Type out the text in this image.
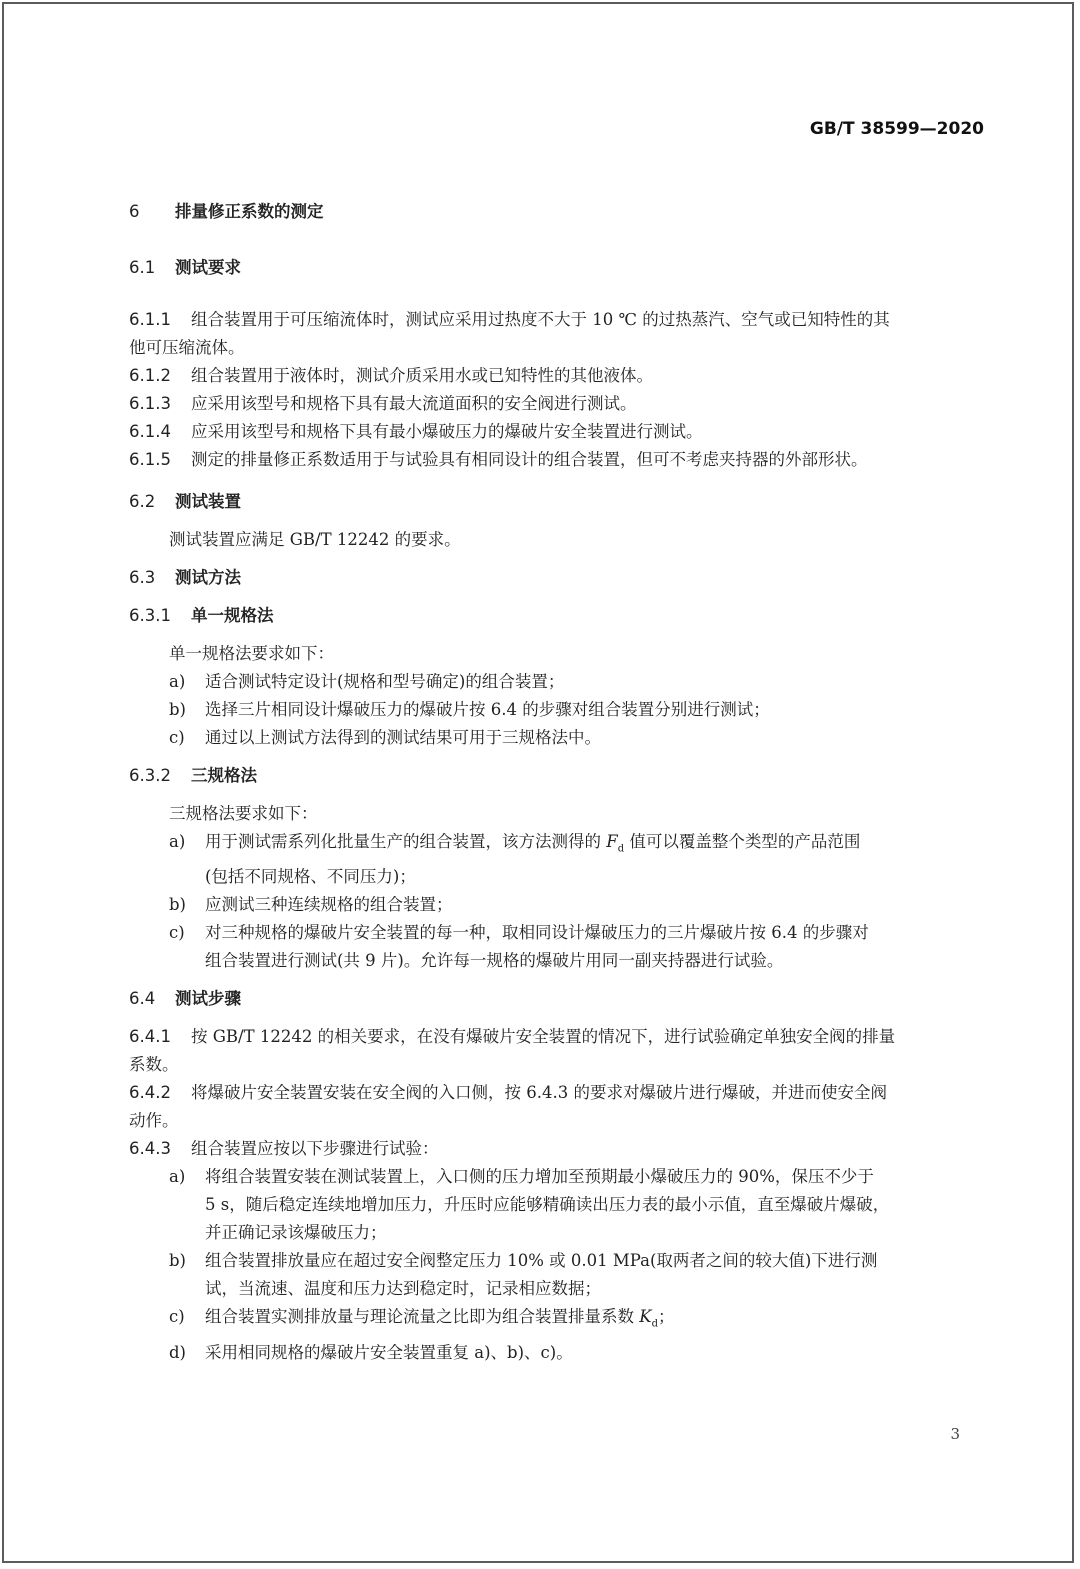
GB/T 38599—2020
6 排量修正系数的测定
6.1 测试要求
6.1.1 组合装置用于可压缩流体时，测试应采用过热度不大于 10 ℃ 的过热蒸汽、空气或已知特性的其
他可压缩流体。
6.1.2 组合装置用于液体时，测试介质采用水或已知特性的其他液体。
6.1.3 应采用该型号和规格下具有最大流道面积的安全阀进行测试。
6.1.4 应采用该型号和规格下具有最小爆破压力的爆破片安全装置进行测试。
6.1.5 测定的排量修正系数适用于与试验具有相同设计的组合装置，但可不考虑夹持器的外部形状。
6.2 测试装置
测试装置应满足 GB/T 12242 的要求。
6.3 测试方法
6.3.1 单一规格法
单一规格法要求如下：
a) 适合测试特定设计(规格和型号确定)的组合装置；
b) 选择三片相同设计爆破压力的爆破片按 6.4 的步骤对组合装置分别进行测试；
c) 通过以上测试方法得到的测试结果可用于三规格法中。
6.3.2 三规格法
三规格法要求如下：
a) 用于测试需系列化批量生产的组合装置，该方法测得的 $F_d$ 值可以覆盖整个类型的产品范围
(包括不同规格、不同压力)；
b) 应测试三种连续规格的组合装置；
c) 对三种规格的爆破片安全装置的每一种，取相同设计爆破压力的三片爆破片按 6.4 的步骤对
组合装置进行测试(共 9 片)。允许每一规格的爆破片用同一副夹持器进行试验。
6.4 测试步骤
6.4.1 按 GB/T 12242 的相关要求，在没有爆破片安全装置的情况下，进行试验确定单独安全阀的排量
系数。
6.4.2 将爆破片安全装置安装在安全阀的入口侧，按 6.4.3 的要求对爆破片进行爆破，并进而使安全阀
动作。
6.4.3 组合装置应按以下步骤进行试验：
a) 将组合装置安装在测试装置上，入口侧的压力增加至预期最小爆破压力的 90%，保压不少于
5 s，随后稳定连续地增加压力，升压时应能够精确读出压力表的最小示值，直至爆破片爆破，
并正确记录该爆破压力；
b) 组合装置排放量应在超过安全阀整定压力 10% 或 0.01 MPa(取两者之间的较大值)下进行测
试，当流速、温度和压力达到稳定时，记录相应数据；
c) 组合装置实测排放量与理论流量之比即为组合装置排量系数 $K_d$；
d) 采用相同规格的爆破片安全装置重复 a)、b)、c)。
3
